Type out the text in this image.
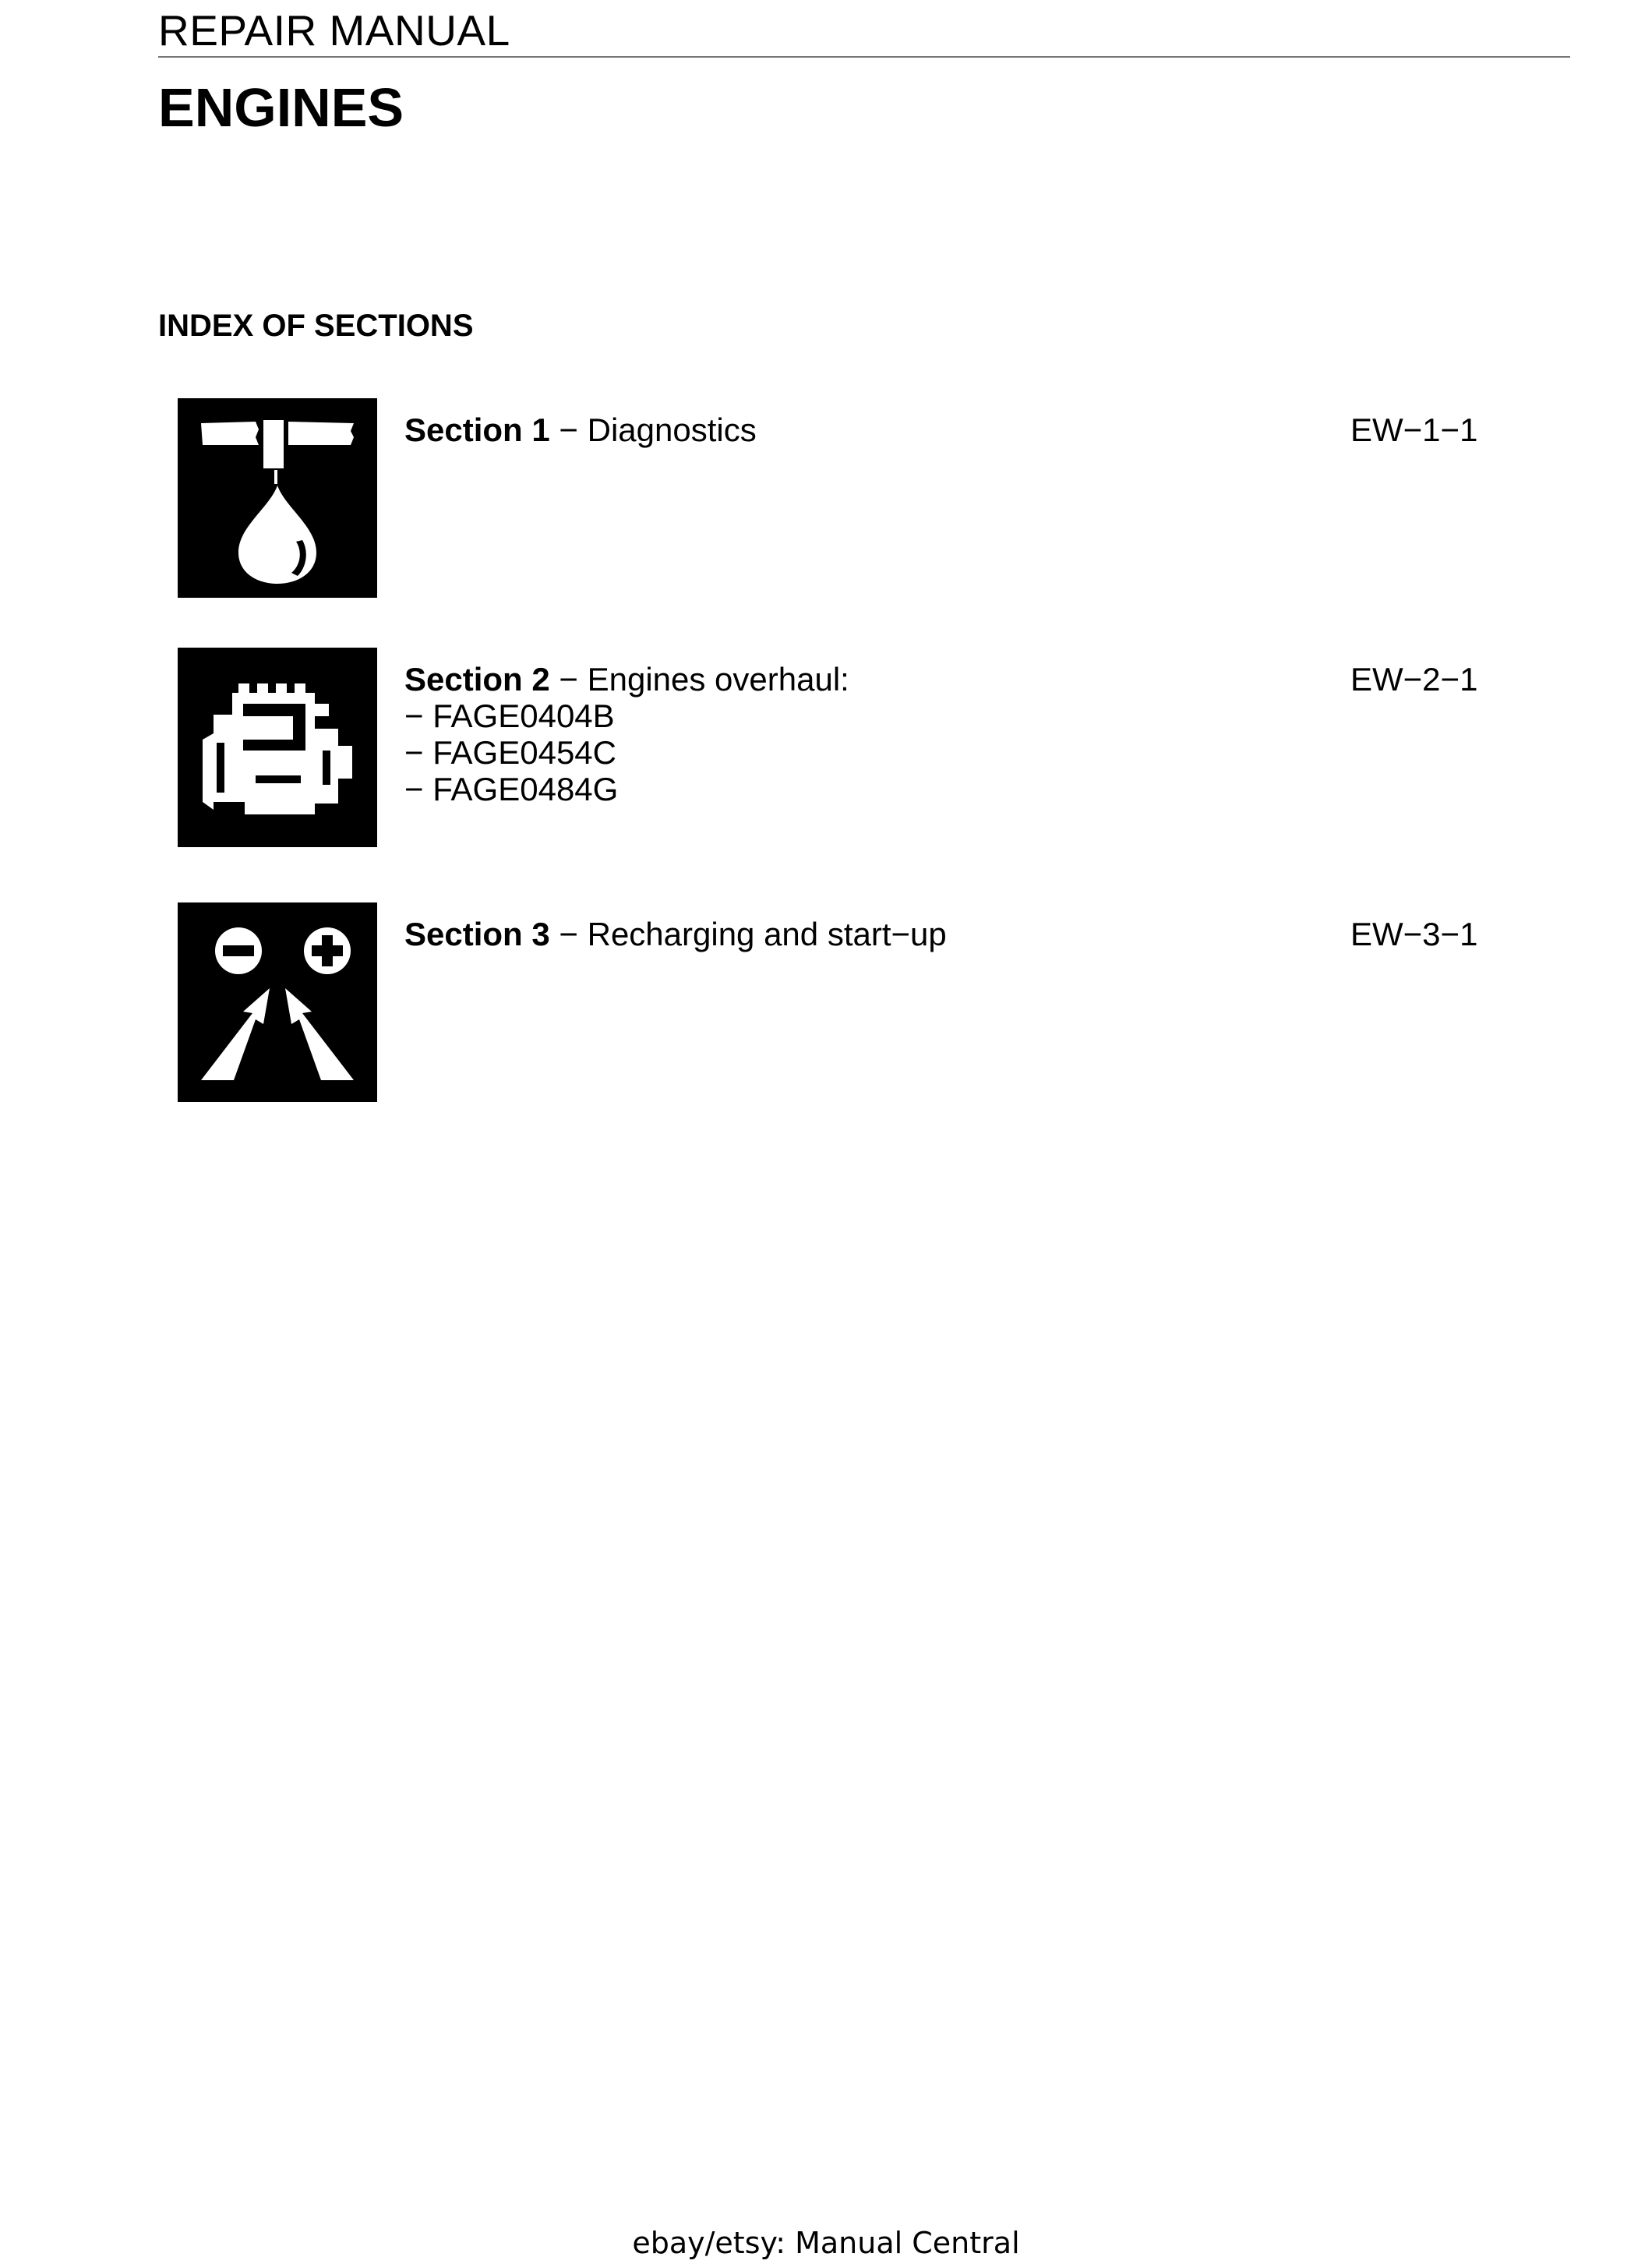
REPAIR MANUAL
ENGINES
INDEX OF SECTIONS
Section 1 − Diagnostics	EW−1−1
Section 2 − Engines overhaul:
− FAGE0404B
− FAGE0454C
− FAGE0484G
EW−2−1
Section 3 − Recharging and start−up	EW−3−1
ebay/etsy: Manual Central
